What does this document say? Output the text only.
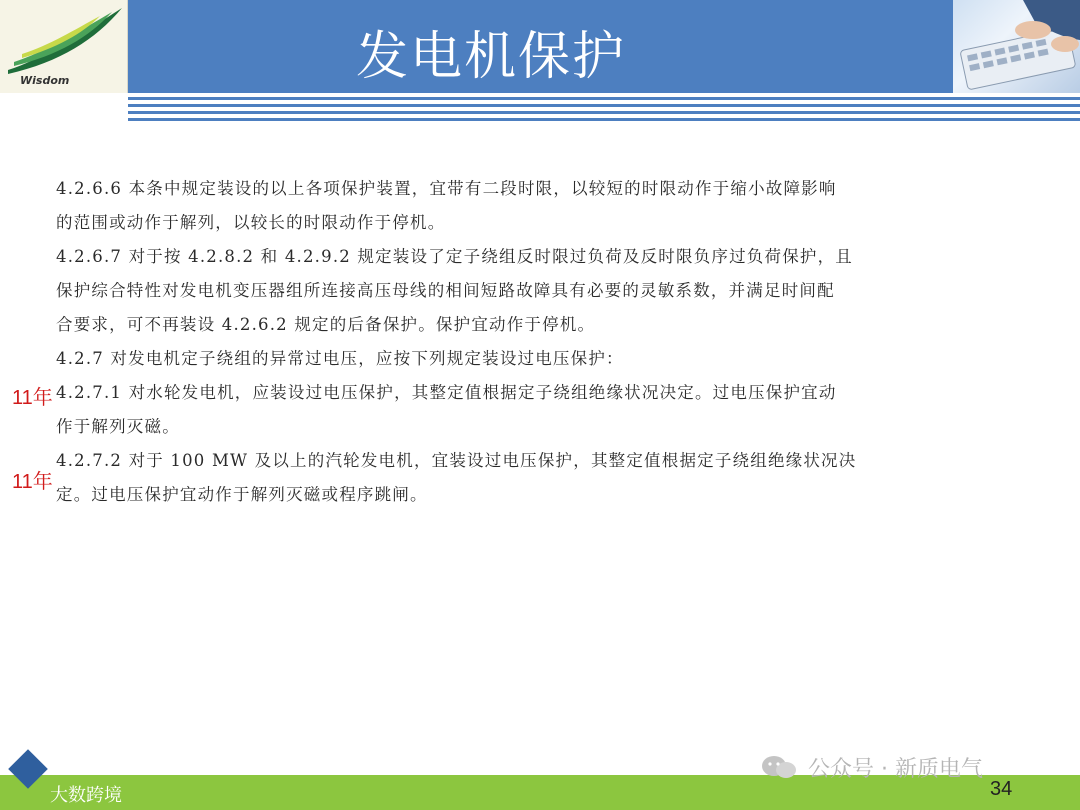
Wisdom	发电机保护
4.2.6.6 本条中规定装设的以上各项保护装置，宜带有二段时限，以较短的时限动作于缩小故障影响
的范围或动作于解列，以较长的时限动作于停机。
4.2.6.7 对于按 4.2.8.2 和 4.2.9.2 规定装设了定子绕组反时限过负荷及反时限负序过负荷保护，且
保护综合特性对发电机变压器组所连接高压母线的相间短路故障具有必要的灵敏系数，并满足时间配
合要求，可不再装设 4.2.6.2 规定的后备保护。保护宜动作于停机。
4.2.7 对发电机定子绕组的异常过电压，应按下列规定装设过电压保护：
4.2.7.1 对水轮发电机，应装设过电压保护，其整定值根据定子绕组绝缘状况决定。过电压保护宜动
作于解列灭磁。
4.2.7.2 对于 100 MW 及以上的汽轮发电机，宜装设过电压保护，其整定值根据定子绕组绝缘状况决
定。过电压保护宜动作于解列灭磁或程序跳闸。
11年
11年
大数跨境
公众号 · 新质电气
34
